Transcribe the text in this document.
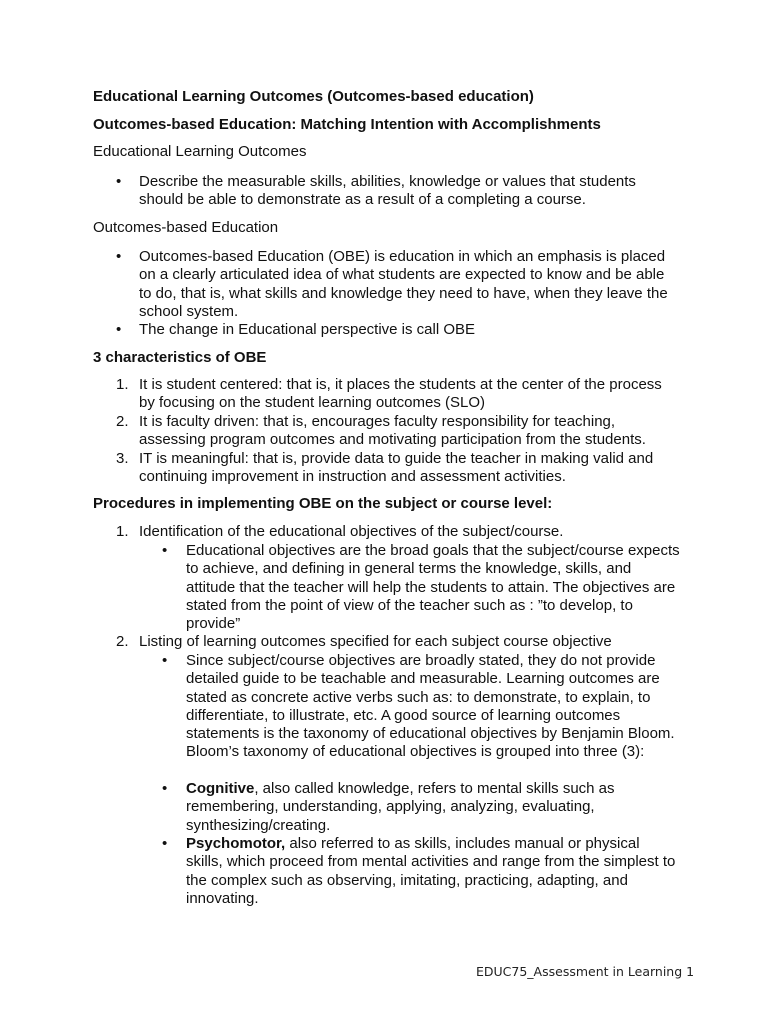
Educational Learning Outcomes (Outcomes-based education)

Outcomes-based Education: Matching Intention with Accomplishments

Educational Learning Outcomes

• Describe the measurable skills, abilities, knowledge or values that students should be able to demonstrate as a result of a completing a course.

Outcomes-based Education

• Outcomes-based Education (OBE) is education in which an emphasis is placed on a clearly articulated idea of what students are expected to know and be able to do, that is, what skills and knowledge they need to have, when they leave the school system.

• The change in Educational perspective is call OBE

3 characteristics of OBE

1. It is student centered: that is, it places the students at the center of the process by focusing on the student learning outcomes (SLO)

2. It is faculty driven: that is, encourages faculty responsibility for teaching, assessing program outcomes and motivating participation from the students.

3. IT is meaningful: that is, provide data to guide the teacher in making valid and continuing improvement in instruction and assessment activities.

Procedures in implementing OBE on the subject or course level:

1. Identification of the educational objectives of the subject/course.

• Educational objectives are the broad goals that the subject/course expects to achieve, and defining in general terms the knowledge, skills, and attitude that the teacher will help the students to attain. The objectives are stated from the point of view of the teacher such as : ”to develop, to provide”

2. Listing of learning outcomes specified for each subject course objective

• Since subject/course objectives are broadly stated, they do not provide detailed guide to be teachable and measurable. Learning outcomes are stated as concrete active verbs such as: to demonstrate, to explain, to differentiate, to illustrate, etc. A good source of learning outcomes statements is the taxonomy of educational objectives by Benjamin Bloom. Bloom’s taxonomy of educational objectives is grouped into three (3):

• Cognitive, also called knowledge, refers to mental skills such as remembering, understanding, applying, analyzing, evaluating, synthesizing/creating.

• Psychomotor, also referred to as skills, includes manual or physical skills, which proceed from mental activities and range from the simplest to the complex such as observing, imitating, practicing, adapting, and innovating.

EDUC75_Assessment in Learning 1
